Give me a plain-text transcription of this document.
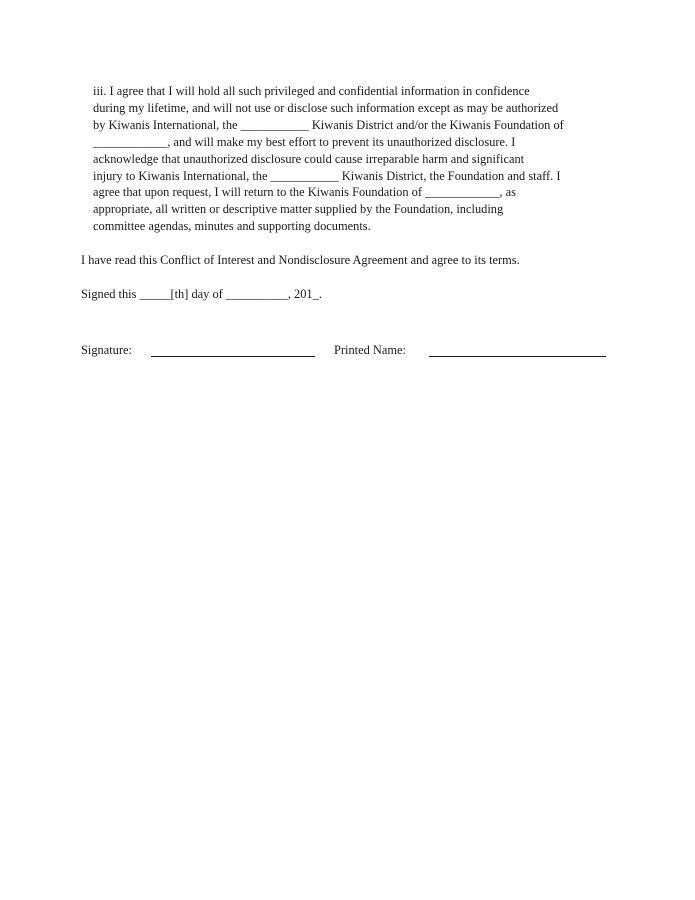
iii. I agree that I will hold all such privileged and confidential information in confidence
during my lifetime, and will not use or disclose such information except as may be authorized
by Kiwanis International, the ___________ Kiwanis District and/or the Kiwanis Foundation of
____________, and will make my best effort to prevent its unauthorized disclosure. I
acknowledge that unauthorized disclosure could cause irreparable harm and significant
injury to Kiwanis International, the ___________ Kiwanis District, the Foundation and staff. I
agree that upon request, I will return to the Kiwanis Foundation of ____________, as
appropriate, all written or descriptive matter supplied by the Foundation, including
committee agendas, minutes and supporting documents.

I have read this Conflict of Interest and Nondisclosure Agreement and agree to its terms.

Signed this _____[th] day of __________, 201_.

Signature:	Printed Name:
